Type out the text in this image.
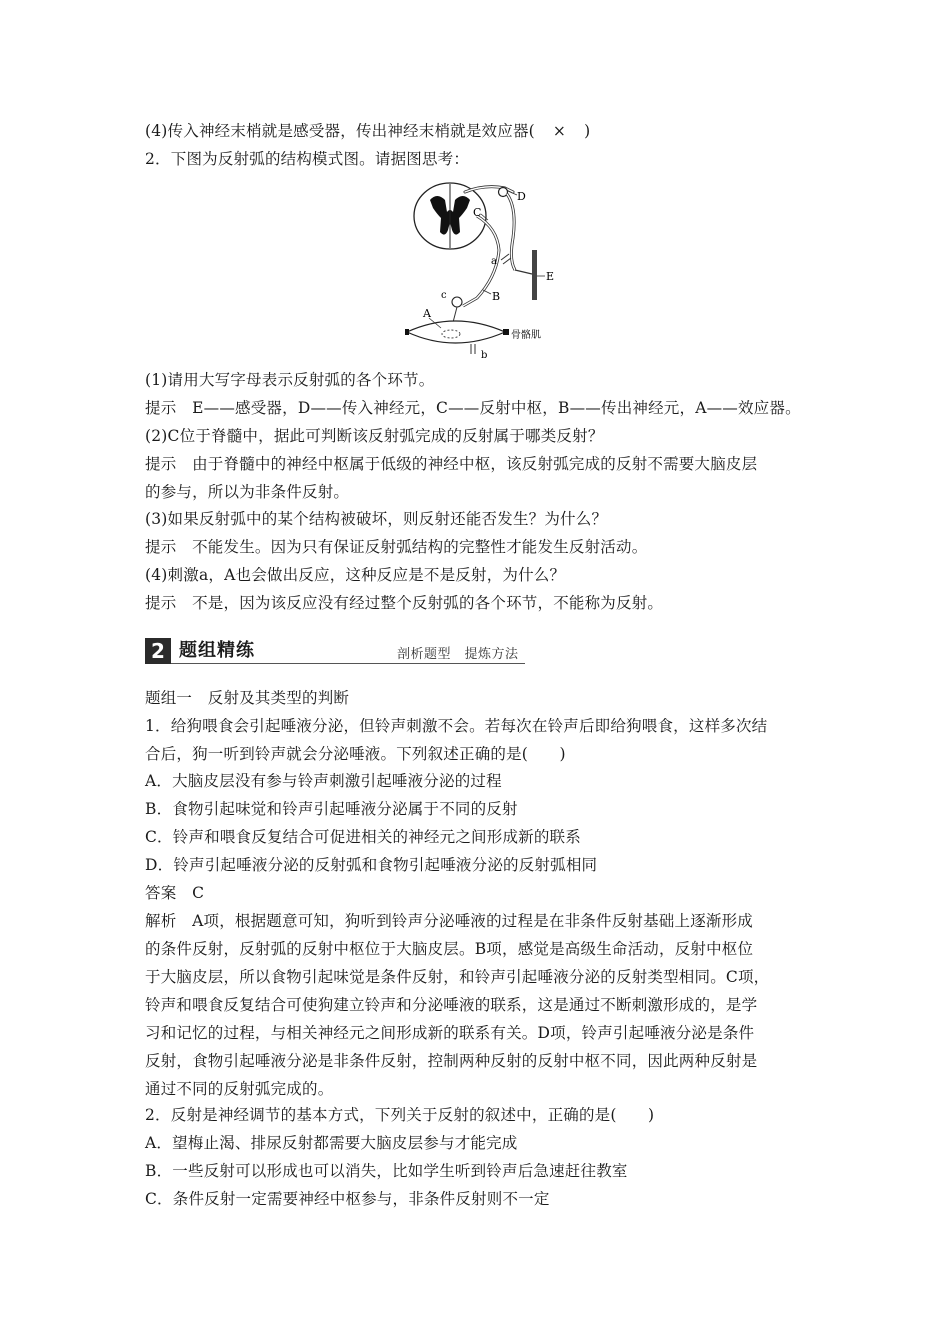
(4)传入神经末梢就是感受器，传出神经末梢就是效应器( × )
2．下图为反射弧的结构模式图。请据图思考：
D
C
E
a
B
c
A
b
骨骼肌
(1)请用大写字母表示反射弧的各个环节。
提示　E——感受器，D——传入神经元，C——反射中枢，B——传出神经元，A——效应器。
(2)C位于脊髓中，据此可判断该反射弧完成的反射属于哪类反射？
提示　由于脊髓中的神经中枢属于低级的神经中枢，该反射弧完成的反射不需要大脑皮层
的参与，所以为非条件反射。
(3)如果反射弧中的某个结构被破坏，则反射还能否发生？为什么？
提示　不能发生。因为只有保证反射弧结构的完整性才能发生反射活动。
(4)刺激a，A也会做出反应，这种反应是不是反射，为什么？
提示　不是，因为该反应没有经过整个反射弧的各个环节，不能称为反射。
2 题组精练	剖析题型　提炼方法
题组一　反射及其类型的判断
1．给狗喂食会引起唾液分泌，但铃声刺激不会。若每次在铃声后即给狗喂食，这样多次结
合后，狗一听到铃声就会分泌唾液。下列叙述正确的是(　　)
A．大脑皮层没有参与铃声刺激引起唾液分泌的过程
B．食物引起味觉和铃声引起唾液分泌属于不同的反射
C．铃声和喂食反复结合可促进相关的神经元之间形成新的联系
D．铃声引起唾液分泌的反射弧和食物引起唾液分泌的反射弧相同
答案　C
解析　A项，根据题意可知，狗听到铃声分泌唾液的过程是在非条件反射基础上逐渐形成
的条件反射，反射弧的反射中枢位于大脑皮层。B项，感觉是高级生命活动，反射中枢位
于大脑皮层，所以食物引起味觉是条件反射，和铃声引起唾液分泌的反射类型相同。C项，
铃声和喂食反复结合可使狗建立铃声和分泌唾液的联系，这是通过不断刺激形成的，是学
习和记忆的过程，与相关神经元之间形成新的联系有关。D项，铃声引起唾液分泌是条件
反射，食物引起唾液分泌是非条件反射，控制两种反射的反射中枢不同，因此两种反射是
通过不同的反射弧完成的。
2．反射是神经调节的基本方式，下列关于反射的叙述中，正确的是(　　)
A．望梅止渴、排尿反射都需要大脑皮层参与才能完成
B．一些反射可以形成也可以消失，比如学生听到铃声后急速赶往教室
C．条件反射一定需要神经中枢参与，非条件反射则不一定
